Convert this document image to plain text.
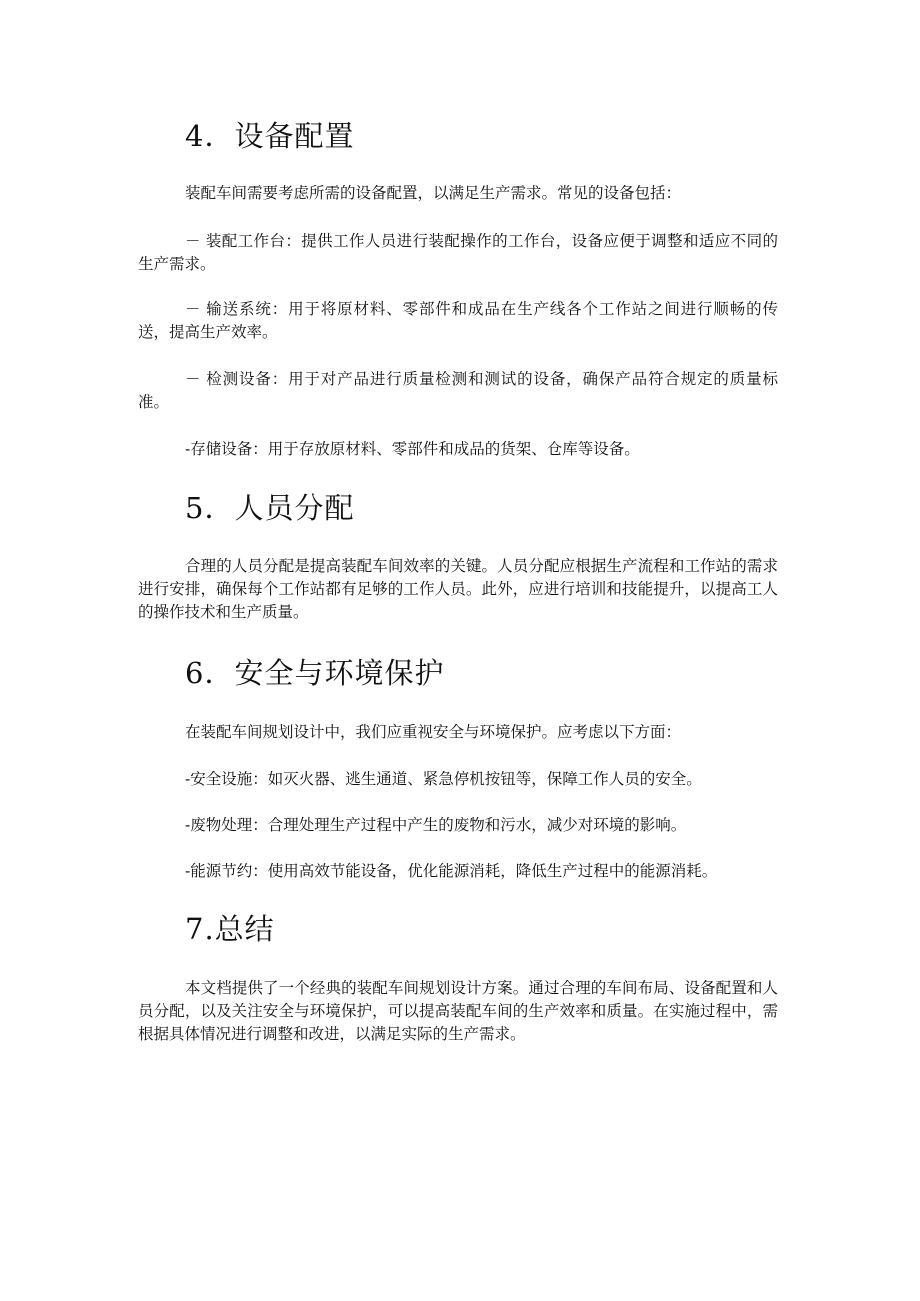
4．设备配置

装配车间需要考虑所需的设备配置，以满足生产需求。常见的设备包括：

－ 装配工作台：提供工作人员进行装配操作的工作台，设备应便于调整和适应不同的生产需求。

－ 输送系统：用于将原材料、零部件和成品在生产线各个工作站之间进行顺畅的传送，提高生产效率。

－ 检测设备：用于对产品进行质量检测和测试的设备，确保产品符合规定的质量标准。

-存储设备：用于存放原材料、零部件和成品的货架、仓库等设备。

5．人员分配

合理的人员分配是提高装配车间效率的关键。人员分配应根据生产流程和工作站的需求进行安排，确保每个工作站都有足够的工作人员。此外，应进行培训和技能提升，以提高工人的操作技术和生产质量。

6．安全与环境保护

在装配车间规划设计中，我们应重视安全与环境保护。应考虑以下方面：

-安全设施：如灭火器、逃生通道、紧急停机按钮等，保障工作人员的安全。

-废物处理：合理处理生产过程中产生的废物和污水，减少对环境的影响。

-能源节约：使用高效节能设备，优化能源消耗，降低生产过程中的能源消耗。

7.总结

本文档提供了一个经典的装配车间规划设计方案。通过合理的车间布局、设备配置和人员分配，以及关注安全与环境保护，可以提高装配车间的生产效率和质量。在实施过程中，需根据具体情况进行调整和改进，以满足实际的生产需求。
